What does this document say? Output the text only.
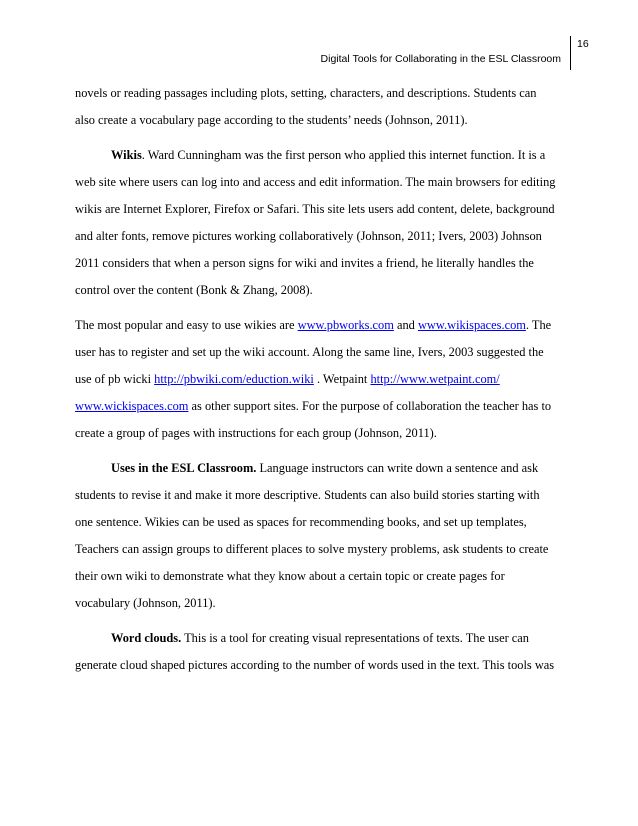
Digital Tools for Collaborating in the ESL Classroom
16
novels or reading passages including plots, setting, characters, and descriptions. Students can
also create a vocabulary page according to the students’ needs (Johnson, 2011).
Wikis. Ward Cunningham was the first person who applied this internet function. It is a
web site where users can log into and access and edit information. The main browsers for editing
wikis are Internet Explorer, Firefox or Safari. This site lets users add content, delete, background
and alter fonts, remove pictures working collaboratively (Johnson, 2011; Ivers, 2003) Johnson
2011 considers that when a person signs for wiki and invites a friend, he literally handles the
control over the content (Bonk & Zhang, 2008).
The most popular and easy to use wikies are www.pbworks.com and www.wikispaces.com. The
user has to register and set up the wiki account. Along the same line, Ivers, 2003 suggested the
use of pb wicki http://pbwiki.com/eduction.wiki . Wetpaint http://www.wetpaint.com/
www.wickispaces.com as other support sites. For the purpose of collaboration the teacher has to
create a group of pages with instructions for each group (Johnson, 2011).
Uses in the ESL Classroom. Language instructors can write down a sentence and ask
students to revise it and make it more descriptive. Students can also build stories starting with
one sentence. Wikies can be used as spaces for recommending books, and set up templates,
Teachers can assign groups to different places to solve mystery problems, ask students to create
their own wiki to demonstrate what they know about a certain topic or create pages for
vocabulary (Johnson, 2011).
Word clouds. This is a tool for creating visual representations of texts. The user can
generate cloud shaped pictures according to the number of words used in the text. This tools was
